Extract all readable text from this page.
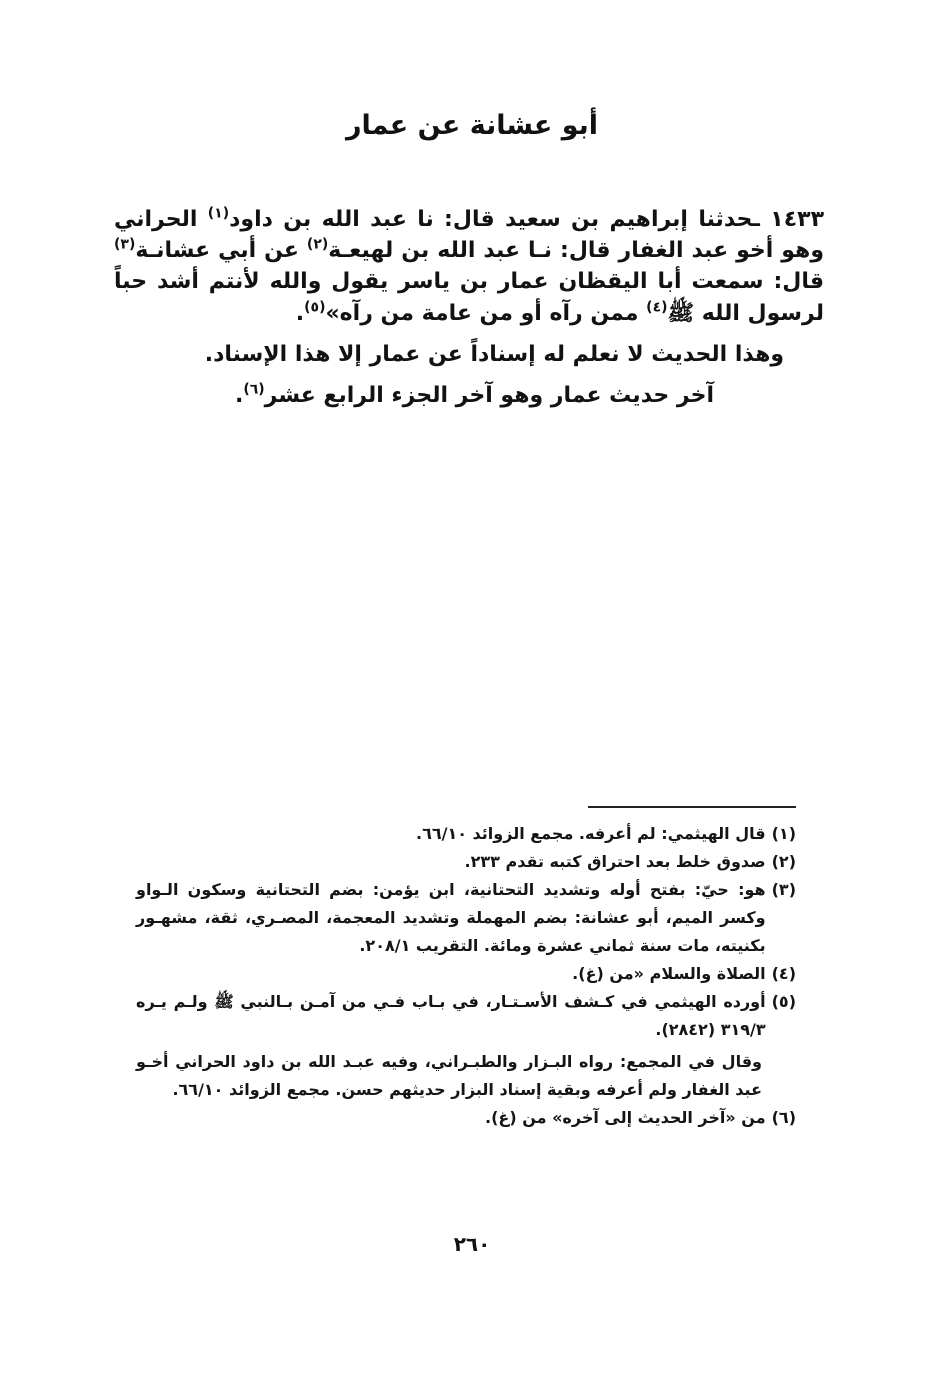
أبو عشانة عن عمار

١٤٣٣ ـحدثنا إبراهيم بن سعيد قال: نا عبد الله بن داود$^{(١)}$ الحراني وهو أخو عبد الغفار قال: نـا عبد الله بن لهيعـة$^{(٢)}$ عن أبي عشانـة$^{(٣)}$ قال: سمعت أبا اليقظان عمار بن ياسر يقول والله لأنتم أشد حباً لرسول الله ﷺ$^{(٤)}$ ممن رآه أو من عامة من رآه»$^{(٥)}$.

وهذا الحديث لا نعلم له إسناداً عن عمار إلا هذا الإسناد.

آخر حديث عمار وهو آخر الجزء الرابع عشر$^{(٦)}$.

(١)
قال الهيثمي: لم أعرفه. مجمع الزوائد ٦٦/١٠.
(٢)
صدوق خلط بعد احتراق كتبه تقدم ٢٣٣.
(٣)
هو: حيّ: بفتح أوله وتشديد التحتانية، ابن يؤمن: بضم التحتانية وسكون الـواو وكسر الميم، أبو عشانة: بضم المهملة وتشديد المعجمة، المصـري، ثقة، مشهـور بكنيته، مات سنة ثماني عشرة ومائة. التقريب ٢٠٨/١.
(٤)
الصلاة والسلام «من (غ).
(٥)
أورده الهيثمي في كـشف الأسـتـار، في بـاب فـي من آمـن بـالنبي ﷺ ولـم يـره ٣١٩/٣ (٢٨٤٢).
وقال في المجمع: رواه البـزار والطبـراني، وفيه عبـد الله بن داود الحراني أخـو عبد الغفار ولم أعرفه وبقية إسناد البزار حديثهم حسن. مجمع الزوائد ٦٦/١٠.
(٦)
من «آخر الحديث إلى آخره» من (غ).
٢٦٠
